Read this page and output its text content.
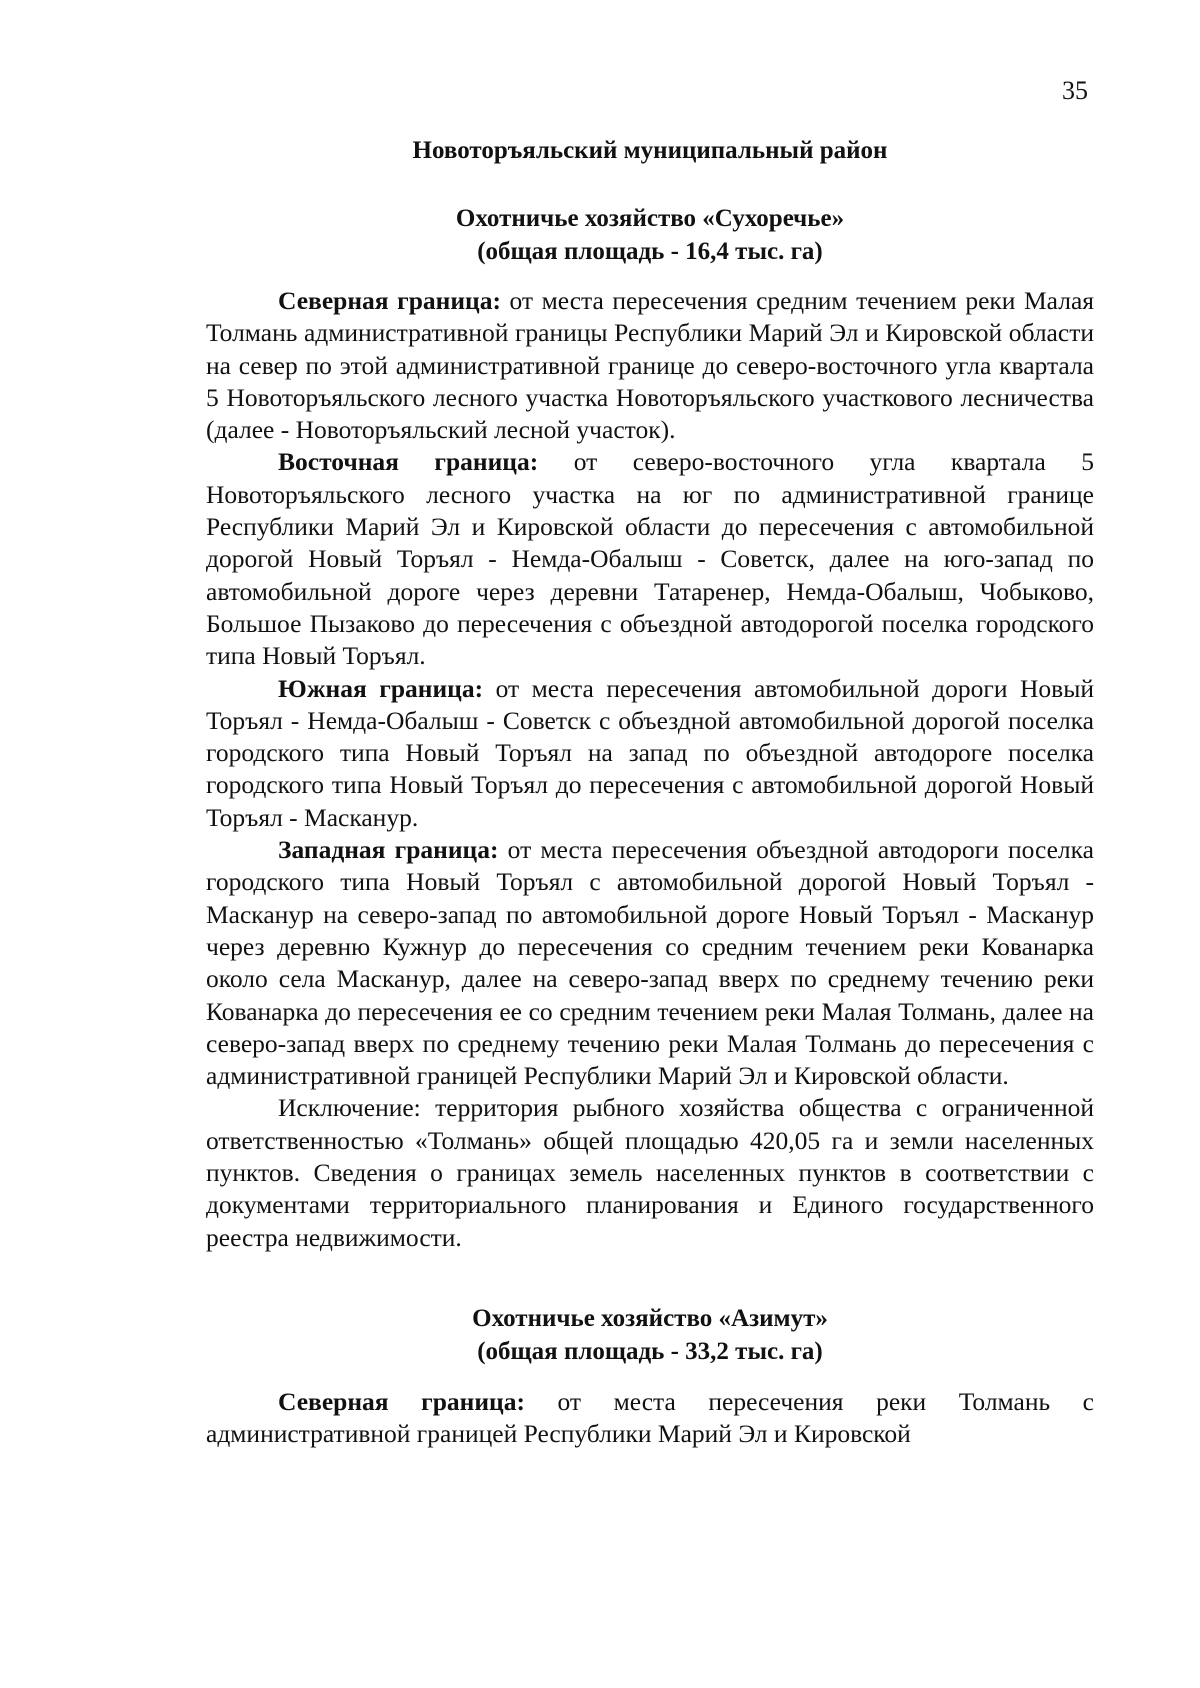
35

Новоторъяльский муниципальный район

Охотничье хозяйство «Сухоречье»

(общая площадь - 16,4 тыс. га)

Северная граница: от места пересечения средним течением реки Малая Толмань административной границы Республики Марий Эл и Кировской области на север по этой административной границе до северо-восточного угла квартала 5 Новоторъяльского лесного участка Новоторъяльского участкового лесничества (далее - Новоторъяльский лесной участок).

Восточная граница: от северо-восточного угла квартала 5 Новоторъяльского лесного участка на юг по административной границе Республики Марий Эл и Кировской области до пересечения с автомобильной дорогой Новый Торъял - Немда-Обалыш - Советск, далее на юго-запад по автомобильной дороге через деревни Татаренер, Немда-Обалыш, Чобыково, Большое Пызаково до пересечения с объездной автодорогой поселка городского типа Новый Торъял.

Южная граница: от места пересечения автомобильной дороги Новый Торъял - Немда-Обалыш - Советск с объездной автомобильной дорогой поселка городского типа Новый Торъял на запад по объездной автодороге поселка городского типа Новый Торъял до пересечения с автомобильной дорогой Новый Торъял - Масканур.

Западная граница: от места пересечения объездной автодороги поселка городского типа Новый Торъял с автомобильной дорогой Новый Торъял - Масканур на северо-запад по автомобильной дороге Новый Торъял - Масканур через деревню Кужнур до пересечения со средним течением реки Кованарка около села Масканур, далее на северо-запад вверх по среднему течению реки Кованарка до пересечения ее со средним течением реки Малая Толмань, далее на северо-запад вверх по среднему течению реки Малая Толмань до пересечения с административной границей Республики Марий Эл и Кировской области.

Исключение: территория рыбного хозяйства общества с ограниченной ответственностью «Толмань» общей площадью 420,05 га и земли населенных пунктов. Сведения о границах земель населенных пунктов в соответствии с документами территориального планирования и Единого государственного реестра недвижимости.

Охотничье хозяйство «Азимут»

(общая площадь - 33,2 тыс. га)

Северная граница: от места пересечения реки Толмань с административной границей Республики Марий Эл и Кировской
